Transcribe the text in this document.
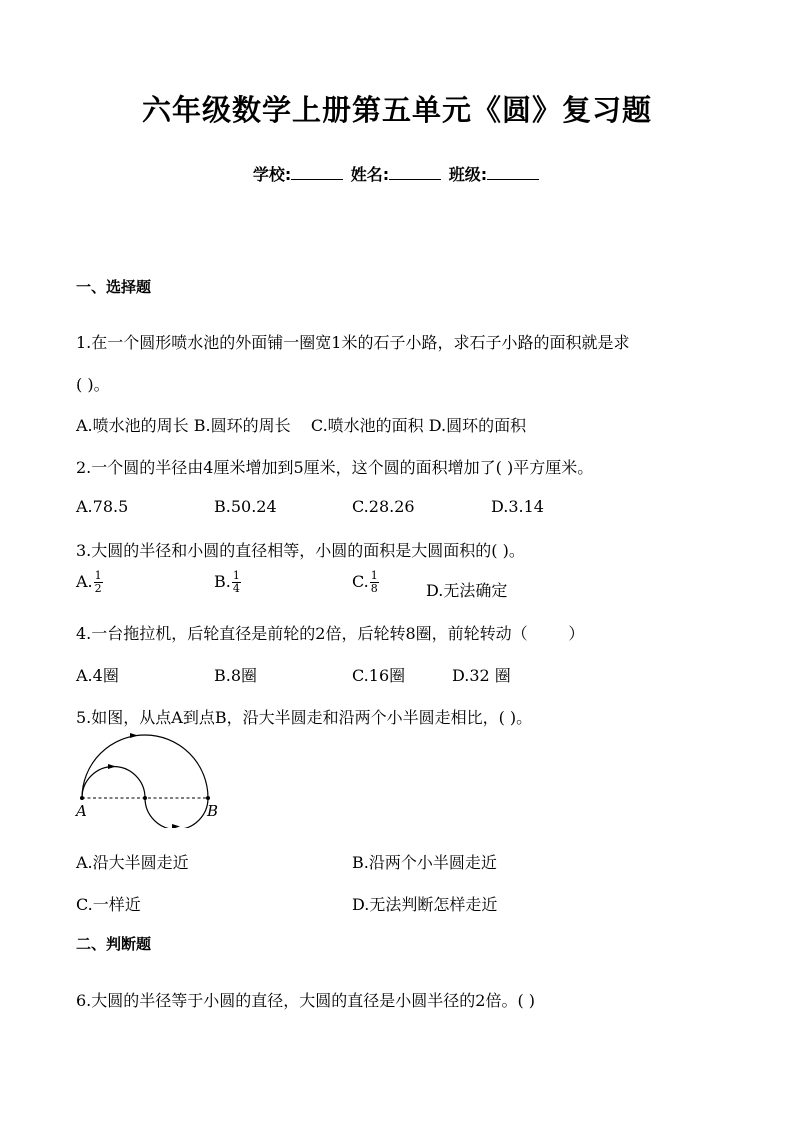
六年级数学上册第五单元《圆》复习题
学校:	姓名:	班级:
一、选择题
1.在一个圆形喷水池的外面铺一圈宽1米的石子小路，求石子小路的面积就是求
( )。
A.喷水池的周长 B.圆环的周长    C.喷水池的面积 D.圆环的面积
2.一个圆的半径由4厘米增加到5厘米，这个圆的面积增加了( )平方厘米。
A.78.5	B.50.24	C.28.26	D.3.14
3.大圆的半径和小圆的直径相等，小圆的面积是大圆面积的( )。
A. $\frac{1}{2}$	B. $\frac{1}{4}$	C. $\frac{1}{8}$	D.无法确定
4.一台拖拉机，后轮直径是前轮的2倍，后轮转8圈，前轮转动（        ）
A.4圈	B.8圈	C.16圈	D.32 圈
5.如图，从点A到点B，沿大半圆走和沿两个小半圆走相比，( )。
A	B
A.沿大半圆走近	B.沿两个小半圆走近
C.一样近	D.无法判断怎样走近
二、判断题
6.大圆的半径等于小圆的直径，大圆的直径是小圆半径的2倍。( )
